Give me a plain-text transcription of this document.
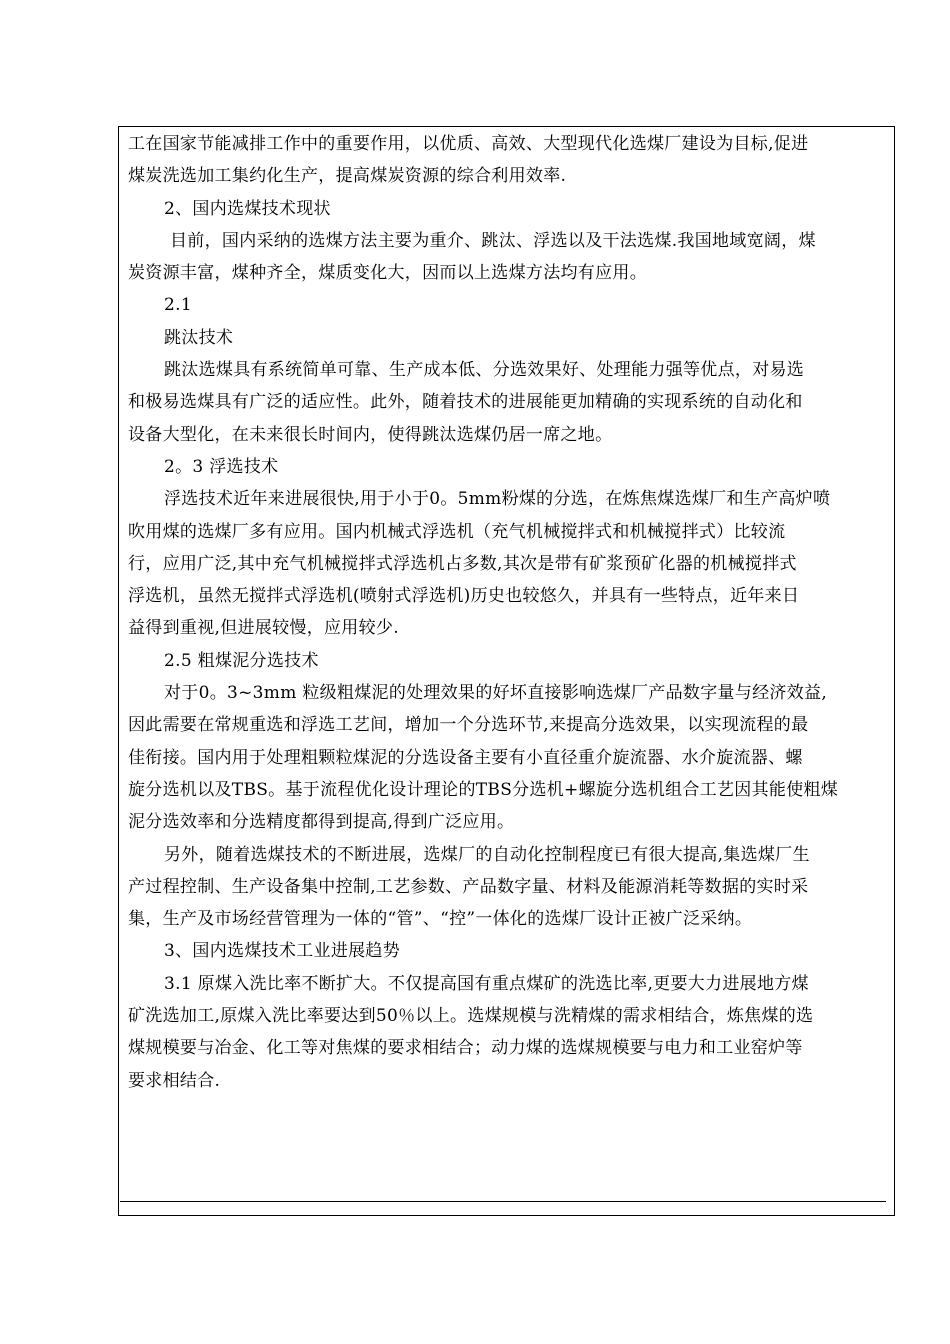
工在国家节能减排工作中的重要作用，以优质、高效、大型现代化选煤厂建设为目标,促进

煤炭洗选加工集约化生产，提高煤炭资源的综合利用效率.

2、国内选煤技术现状

目前，国内采纳的选煤方法主要为重介、跳汰、浮选以及干法选煤.我国地域宽阔，煤

炭资源丰富，煤种齐全，煤质变化大，因而以上选煤方法均有应用。

2.1

跳汰技术

跳汰选煤具有系统简单可靠、生产成本低、分选效果好、处理能力强等优点，对易选

和极易选煤具有广泛的适应性。此外，随着技术的进展能更加精确的实现系统的自动化和

设备大型化，在未来很长时间内，使得跳汰选煤仍居一席之地。

2。3 浮选技术

浮选技术近年来进展很快,用于小于0。5mm粉煤的分选，在炼焦煤选煤厂和生产高炉喷

吹用煤的选煤厂多有应用。国内机械式浮选机（充气机械搅拌式和机械搅拌式）比较流

行，应用广泛,其中充气机械搅拌式浮选机占多数,其次是带有矿浆预矿化器的机械搅拌式

浮选机，虽然无搅拌式浮选机(喷射式浮选机)历史也较悠久，并具有一些特点，近年来日

益得到重视,但进展较慢，应用较少.

2.5 粗煤泥分选技术

对于0。3~3mm 粒级粗煤泥的处理效果的好坏直接影响选煤厂产品数字量与经济效益,

因此需要在常规重选和浮选工艺间，增加一个分选环节,来提高分选效果，以实现流程的最

佳衔接。国内用于处理粗颗粒煤泥的分选设备主要有小直径重介旋流器、水介旋流器、螺

旋分选机以及TBS。基于流程优化设计理论的TBS分选机+螺旋分选机组合工艺因其能使粗煤

泥分选效率和分选精度都得到提高,得到广泛应用。

另外，随着选煤技术的不断进展，选煤厂的自动化控制程度已有很大提高,集选煤厂生

产过程控制、生产设备集中控制,工艺参数、产品数字量、材料及能源消耗等数据的实时采

集，生产及市场经营管理为一体的“管”、“控”一体化的选煤厂设计正被广泛采纳。

3、国内选煤技术工业进展趋势

3.1 原煤入洗比率不断扩大。不仅提高国有重点煤矿的洗选比率,更要大力进展地方煤

矿洗选加工,原煤入洗比率要达到50％以上。选煤规模与洗精煤的需求相结合，炼焦煤的选

煤规模要与冶金、化工等对焦煤的要求相结合；动力煤的选煤规模要与电力和工业窑炉等

要求相结合.
